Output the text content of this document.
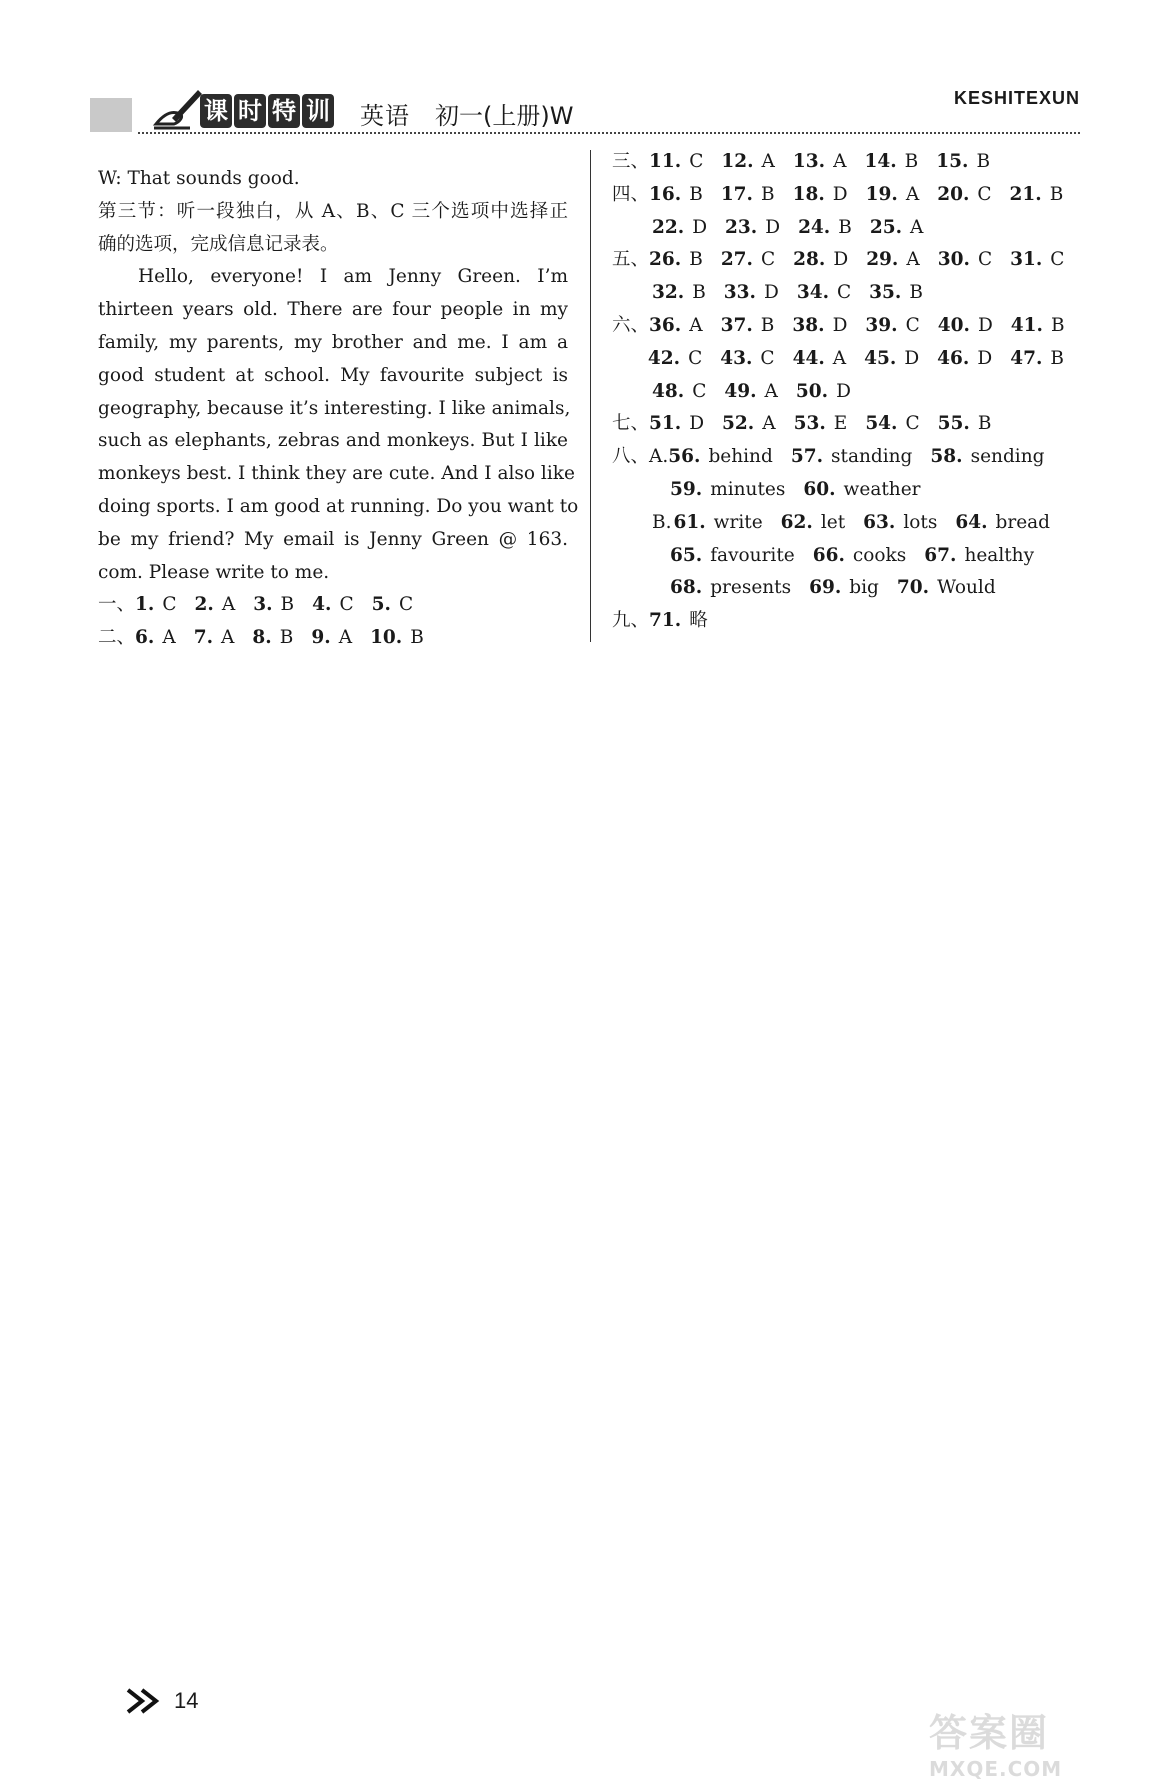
课 时 特 训 英语 初一(上册)W
KESHITEXUN
W: That sounds good.
第三节：听一段独白，从 A、B、C 三个选项中选择正
确的选项，完成信息记录表。
Hello, everyone! I am Jenny Green. I’m
thirteen years old. There are four people in my
family, my parents, my brother and me. I am a
good student at school. My favourite subject is
geography, because it’s interesting. I like animals,
such as elephants, zebras and monkeys. But I like
monkeys best. I think they are cute. And I also like
doing sports. I am good at running. Do you want to
be my friend? My email is Jenny Green @ 163.
com. Please write to me.
一、 1. C 2. A 3. B 4. C 5. C
二、 6. A 7. A 8. B 9. A 10. B
三、 11. C 12. A 13. A 14. B 15. B
四、 16. B 17. B 18. D 19. A 20. C 21. B
22. D 23. D 24. B 25. A
五、 26. B 27. C 28. D 29. A 30. C 31. C
32. B 33. D 34. C 35. B
六、 36. A 37. B 38. D 39. C 40. D 41. B
42. C 43. C 44. A 45. D 46. D 47. B
48. C 49. A 50. D
七、 51. D 52. A 53. E 54. C 55. B
八、A. 56. behind 57. standing 58. sending
59. minutes 60. weather
B. 61. write 62. let 63. lots 64. bread
65. favourite 66. cooks 67. healthy
68. presents 69. big 70. Would
九、 71. 略
14
答案圈
MXQE.COM
